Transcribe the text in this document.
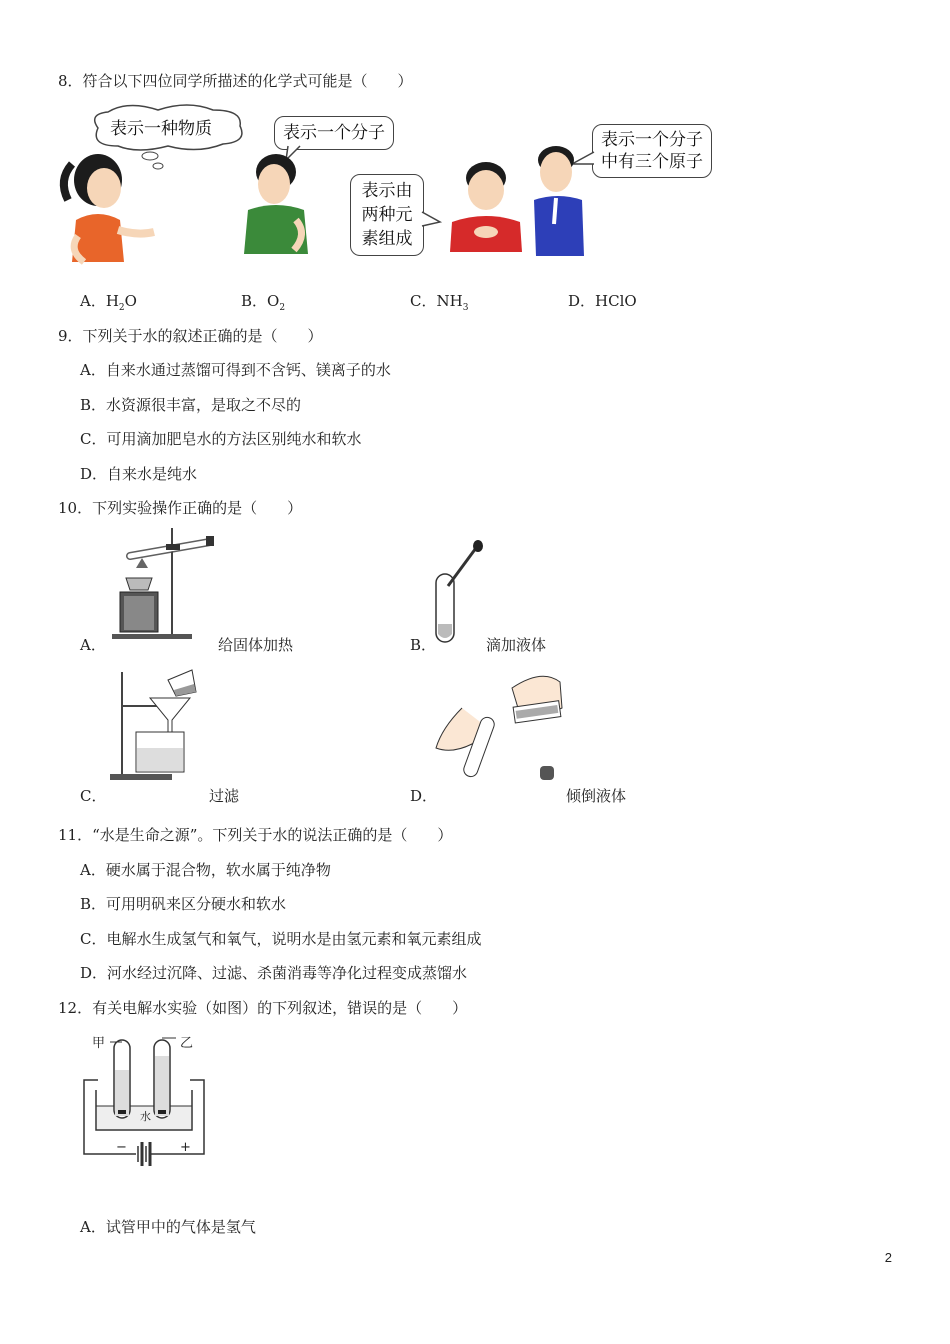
8．符合以下四位同学所描述的化学式可能是（　　）
表示一种物质	表示一个分子
表示由
两种元
素组成
表示一个分子
中有三个原子
A．$H_2O$	B．$O_2$	C．$NH_3$	D．HClO
9．下列关于水的叙述正确的是（　　）
A．自来水通过蒸馏可得到不含钙、镁离子的水
B．水资源很丰富，是取之不尽的
C．可用滴加肥皂水的方法区别纯水和软水
D．自来水是纯水
10．下列实验操作正确的是（　　）
A．	给固体加热	B．	滴加液体
C．	过滤	D．	倾倒液体
11．“水是生命之源”。下列关于水的说法正确的是（　　）
A．硬水属于混合物，软水属于纯净物
B．可用明矾来区分硬水和软水
C．电解水生成氢气和氧气，说明水是由氢元素和氧元素组成
D．河水经过沉降、过滤、杀菌消毒等净化过程变成蒸馏水
12．有关电解水实验（如图）的下列叙述，错误的是（　　）
甲	乙
水
−	+
A．试管甲中的气体是氢气
2
